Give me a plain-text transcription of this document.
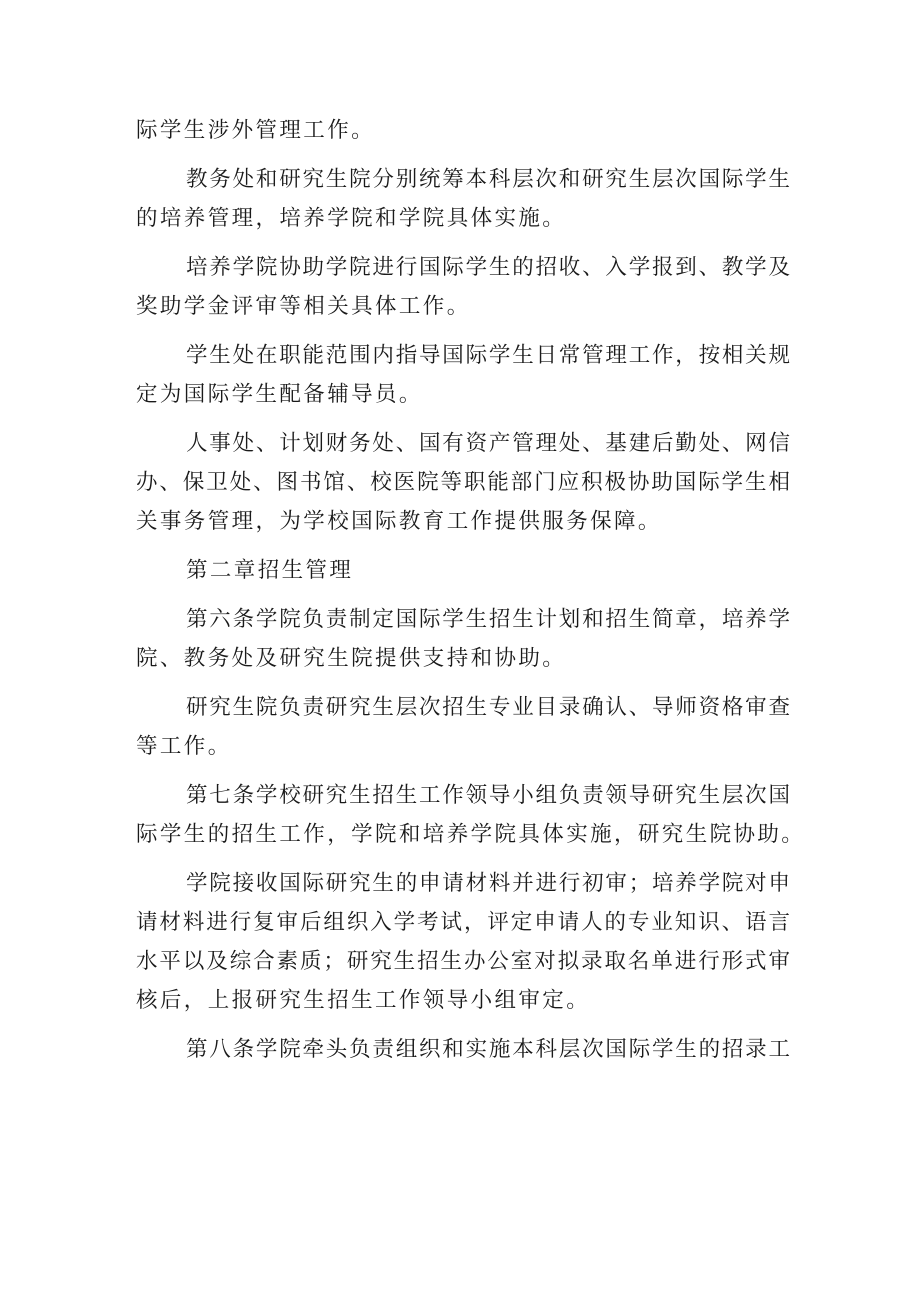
际学生涉外管理工作。

教务处和研究生院分别统筹本科层次和研究生层次国际学生
的培养管理，培养学院和学院具体实施。

培养学院协助学院进行国际学生的招收、入学报到、教学及
奖助学金评审等相关具体工作。

学生处在职能范围内指导国际学生日常管理工作，按相关规
定为国际学生配备辅导员。

人事处、计划财务处、国有资产管理处、基建后勤处、网信
办、保卫处、图书馆、校医院等职能部门应积极协助国际学生相
关事务管理，为学校国际教育工作提供服务保障。

第二章招生管理

第六条学院负责制定国际学生招生计划和招生简章，培养学
院、教务处及研究生院提供支持和协助。

研究生院负责研究生层次招生专业目录确认、导师资格审查
等工作。

第七条学校研究生招生工作领导小组负责领导研究生层次国
际学生的招生工作，学院和培养学院具体实施，研究生院协助。

学院接收国际研究生的申请材料并进行初审；培养学院对申
请材料进行复审后组织入学考试，评定申请人的专业知识、语言
水平以及综合素质；研究生招生办公室对拟录取名单进行形式审
核后，上报研究生招生工作领导小组审定。

第八条学院牵头负责组织和实施本科层次国际学生的招录工
